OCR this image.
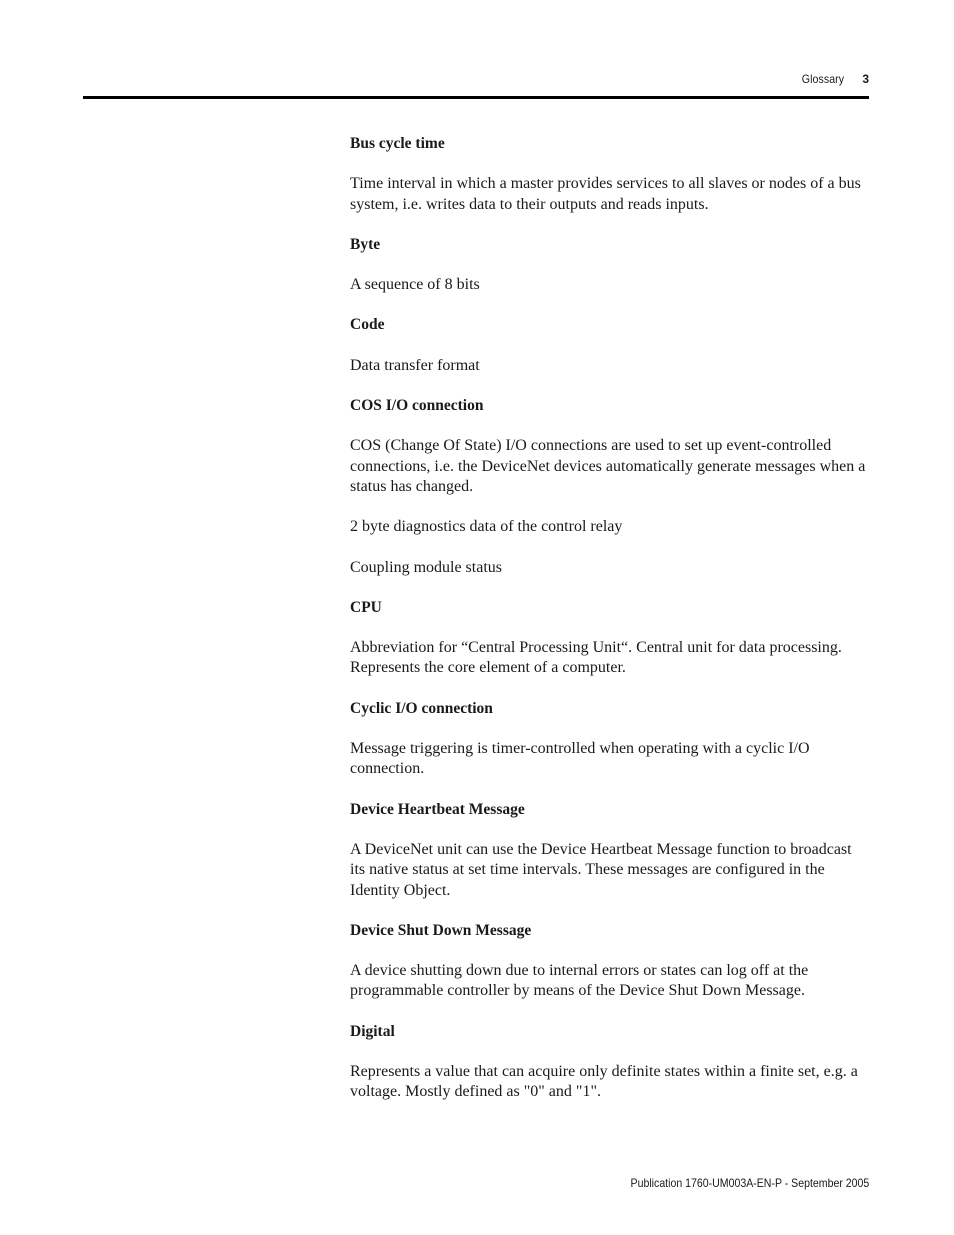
Glossary 3

Bus cycle time

Time interval in which a master provides services to all slaves or nodes of a bus system, i.e. writes data to their outputs and reads inputs.

Byte

A sequence of 8 bits

Code

Data transfer format

COS I/O connection

COS (Change Of State) I/O connections are used to set up event-controlled connections, i.e. the DeviceNet devices automatically generate messages when a status has changed.

2 byte diagnostics data of the control relay

Coupling module status

CPU

Abbreviation for “Central Processing Unit“. Central unit for data processing. Represents the core element of a computer.

Cyclic I/O connection

Message triggering is timer-controlled when operating with a cyclic I/O connection.

Device Heartbeat Message

A DeviceNet unit can use the Device Heartbeat Message function to broadcast its native status at set time intervals. These messages are configured in the Identity Object.

Device Shut Down Message

A device shutting down due to internal errors or states can log off at the programmable controller by means of the Device Shut Down Message.

Digital

Represents a value that can acquire only definite states within a finite set, e.g. a voltage. Mostly defined as "0" and "1".

Publication 1760-UM003A-EN-P - September 2005
